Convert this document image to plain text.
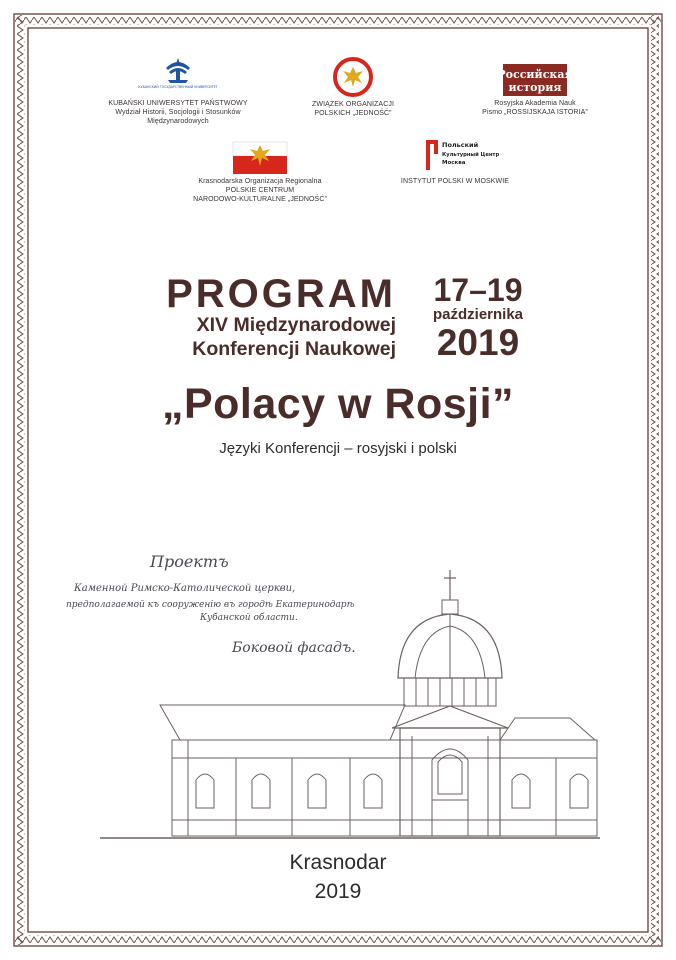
КУБАНСКИЙ ГОСУДАРСТВЕННЫЙ УНИВЕРСИТЕТ
KUBAŃSKI UNIWERSYTET PAŃSTWOWY
Wydział Historii, Socjologii i Stosunków
Międzynarodowych
ZWIĄZEK ORGANIZACJI
POLSKICH „JEDNOŚĆ”
Российская
история
Rosyjska Akademia Nauk
Pismo „ROSSIJSKAJA ISTORIA”
Krasnodarska Organizacja Regionalna
POLSKIE CENTRUM
NARODOWO-KULTURALNE „JEDNOŚĆ”
Польский
Культурный Центр
Москва
INSTYTUT POLSKI W MOSKWIE
PROGRAM
XIV Międzynarodowej
Konferencji Naukowej
17–19
października
2019
„Polacy w Rosji”
Języki Konferencji – rosyjski i polski
Проектъ
Каменной Римско-Католической церкви,
предполагаемой къ сооруженію въ городѣ Екатеринодарѣ
Кубанской области.
Боковой фасадъ.
Krasnodar
2019
